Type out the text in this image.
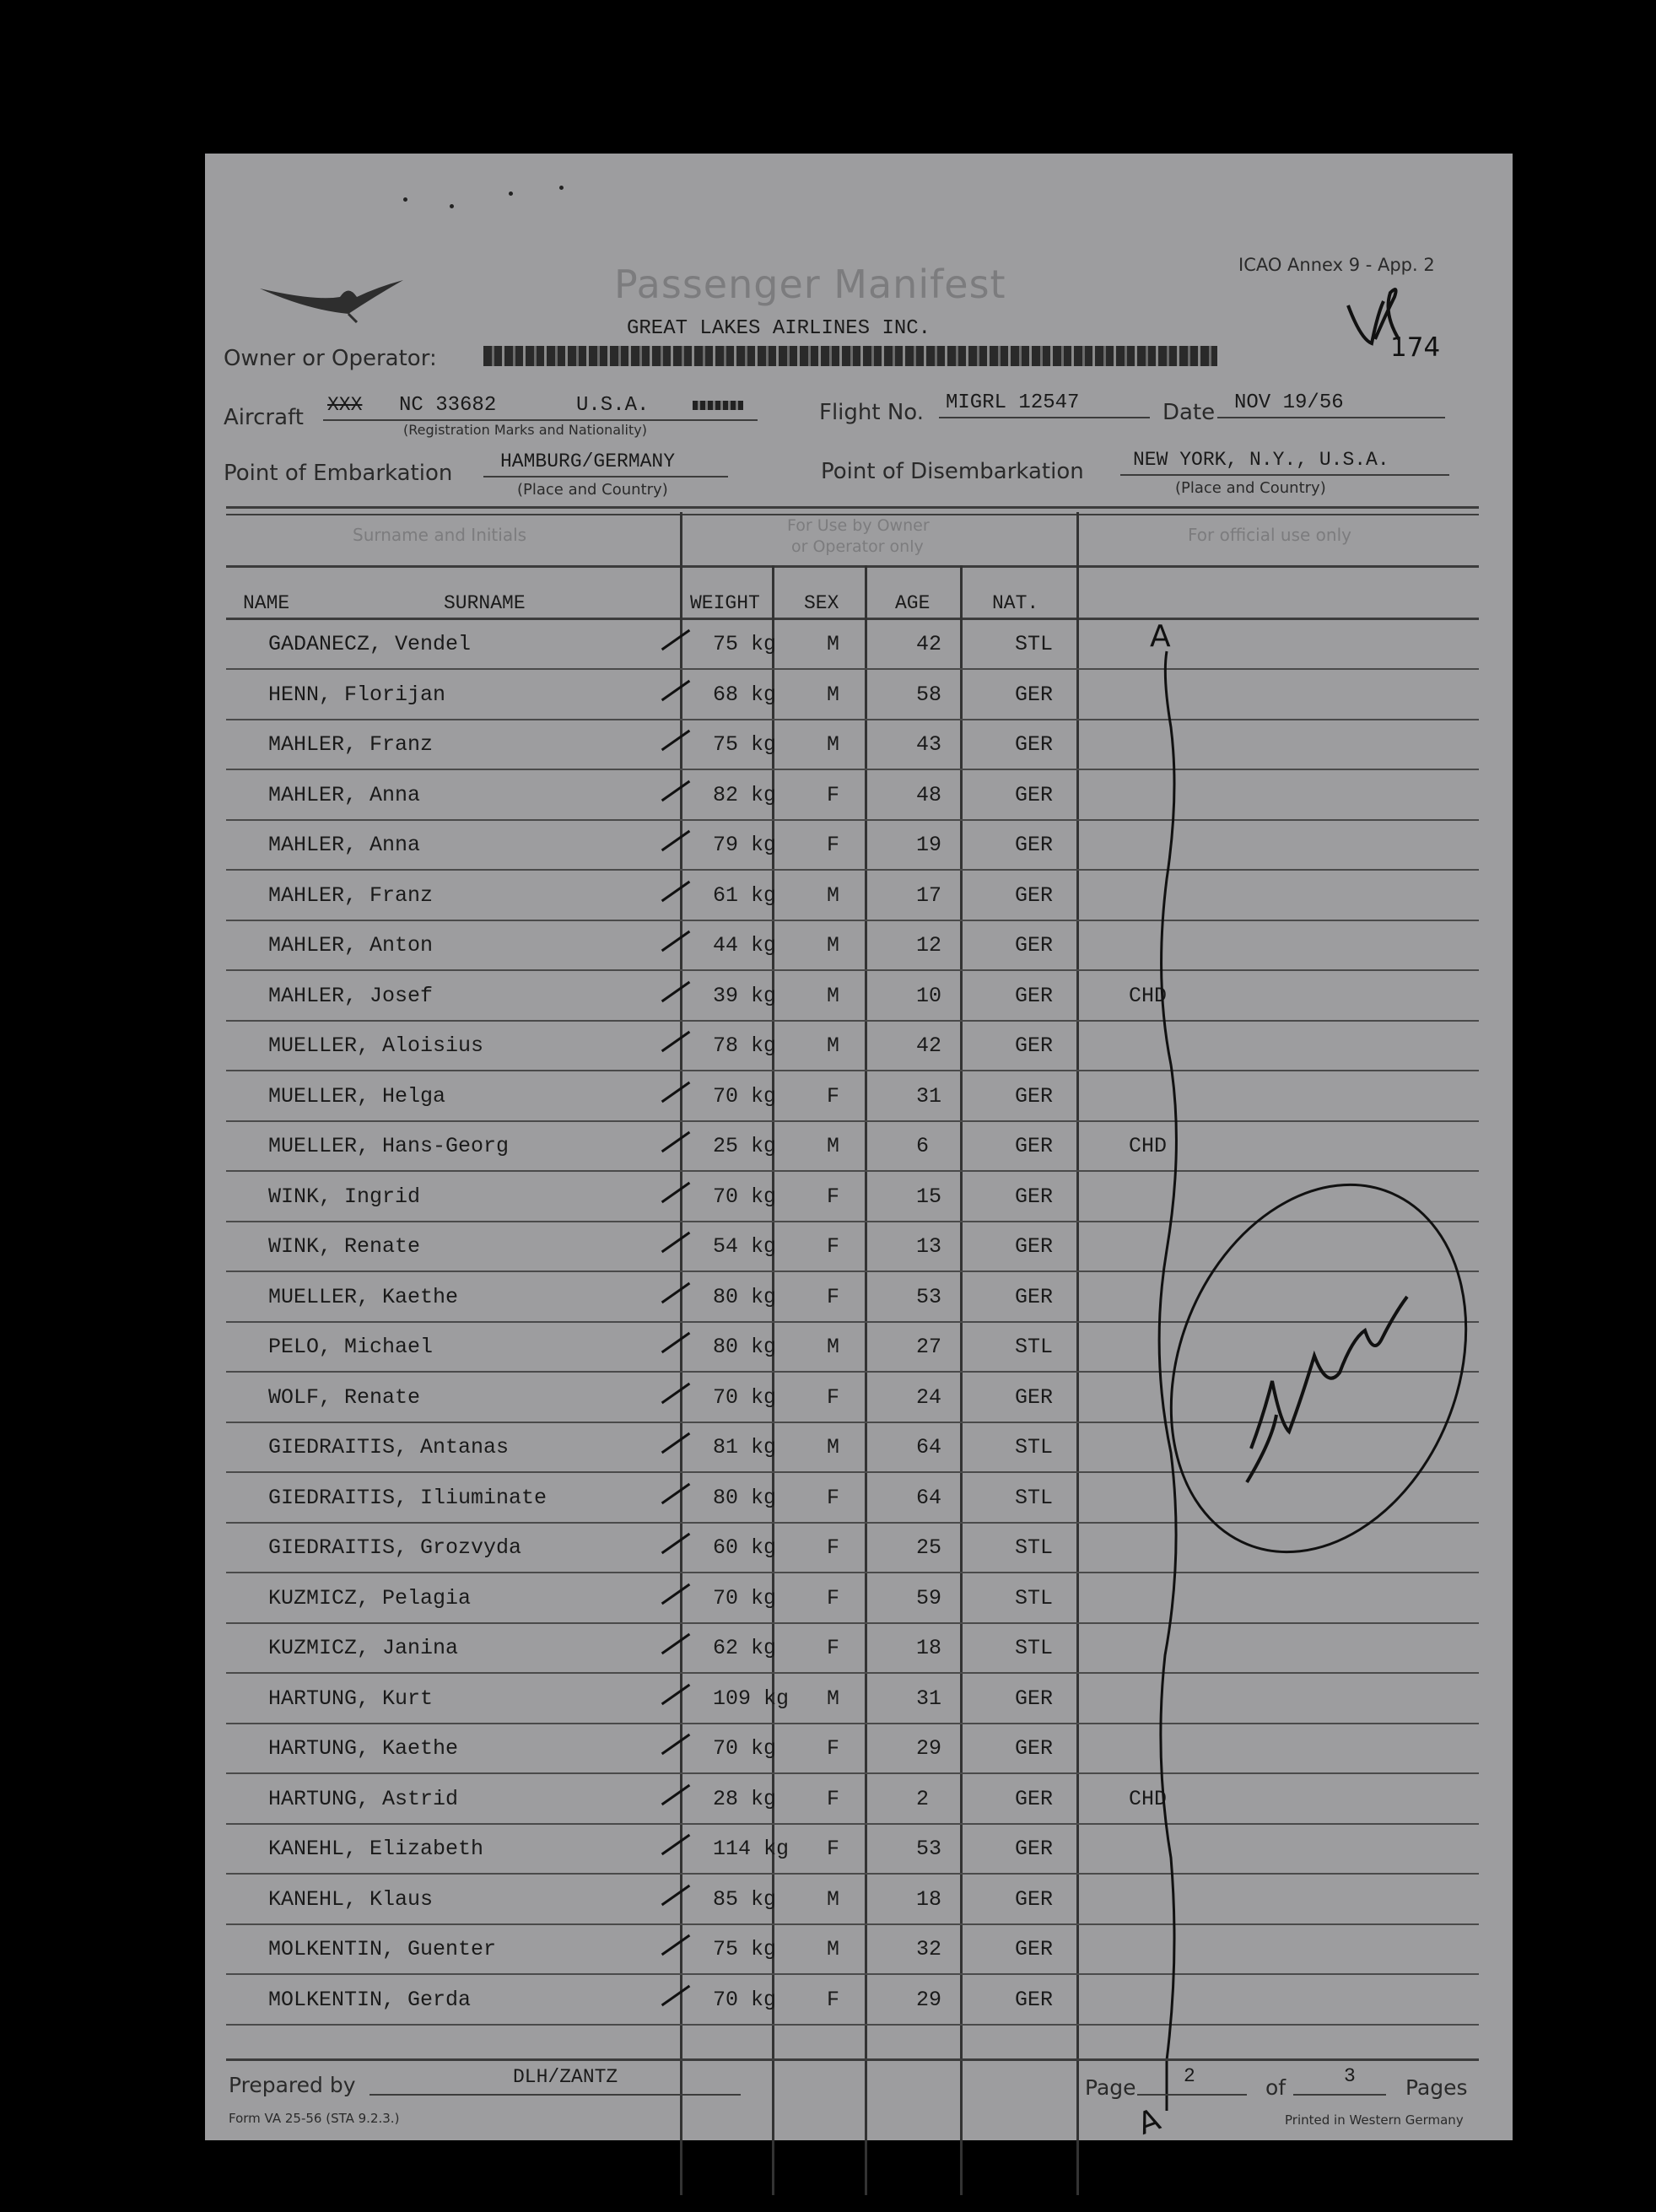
ICAO Annex 9 - App. 2
Passenger Manifest
GREAT LAKES AIRLINES INC.
174
Owner or Operator:
Aircraft XXX NC 33682	U.S.A.
(Registration Marks and Nationality)
Flight No. MIGRL 12547	Date NOV 19/56
Point of Embarkation HAMBURG/GERMANY
(Place and Country)
Point of Disembarkation	NEW YORK, N.Y., U.S.A.
(Place and Country)
Surname and Initials	For Use by Owner
or Operator only
For official use only
NAME	SURNAME	WEIGHT SEX	AGE	NAT.
GADANECZ, Vendel	75 kg M	42	STL
HENN, Florijan	68 kg M	58	GER
MAHLER, Franz	75 kg M	43	GER
MAHLER, Anna	82 kg F	48	GER
MAHLER, Anna	79 kg F	19	GER
MAHLER, Franz	61 kg M	17	GER
MAHLER, Anton	44 kg M	12	GER
MAHLER, Josef	39 kg M	10	GER	CHD
MUELLER, Aloisius	78 kg M	42	GER
MUELLER, Helga	70 kg F	31	GER
MUELLER, Hans-Georg	25 kg M	6	GER	CHD
WINK, Ingrid	70 kg F	15	GER
WINK, Renate	54 kg F	13	GER
MUELLER, Kaethe	80 kg F	53	GER
PELO, Michael	80 kg M	27	STL
WOLF, Renate	70 kg F	24	GER
GIEDRAITIS, Antanas	81 kg M	64	STL
GIEDRAITIS, Iliuminate	80 kg F	64	STL
GIEDRAITIS, Grozvyda	60 kg F	25	STL
KUZMICZ, Pelagia	70 kg F	59	STL
KUZMICZ, Janina	62 kg F	18	STL
HARTUNG, Kurt	109 kg M	31	GER
HARTUNG, Kaethe	70 kg F	29	GER
HARTUNG, Astrid	28 kg F	2	GER	CHD
KANEHL, Elizabeth	114 kg F	53	GER
KANEHL, Klaus	85 kg M	18	GER
MOLKENTIN, Guenter	75 kg M	32	GER
MOLKENTIN, Gerda	70 kg F	29	GER
A
A
Prepared by	DLH/ZANTZ	Page 2	of	3 Pages
Form VA 25-56 (STA 9.2.3.)	Printed in Western Germany
